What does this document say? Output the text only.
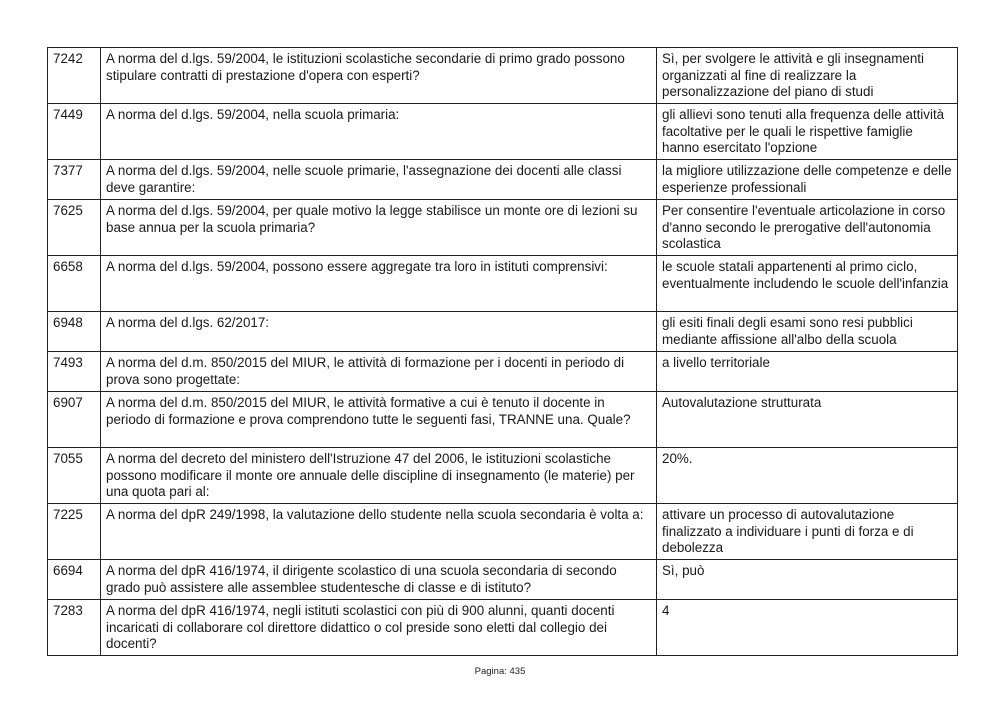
7242	A norma del d.lgs. 59/2004, le istituzioni scolastiche secondarie di primo grado possono stipulare contratti di prestazione d'opera con esperti?	Sì, per svolgere le attività e gli insegnamenti organizzati al fine di realizzare la personalizzazione del piano di studi
7449	A norma del d.lgs. 59/2004, nella scuola primaria:	gli allievi sono tenuti alla frequenza delle attività facoltative per le quali le rispettive famiglie hanno esercitato l'opzione
7377	A norma del d.lgs. 59/2004, nelle scuole primarie, l'assegnazione dei docenti alle classi deve garantire:	la migliore utilizzazione delle competenze e delle esperienze professionali
7625	A norma del d.lgs. 59/2004, per quale motivo la legge stabilisce un monte ore di lezioni su base annua per la scuola primaria?	Per consentire l'eventuale articolazione in corso d'anno secondo le prerogative dell'autonomia scolastica
6658	A norma del d.lgs. 59/2004, possono essere aggregate tra loro in istituti comprensivi:	le scuole statali appartenenti al primo ciclo, eventualmente includendo le scuole dell'infanzia
6948	A norma del d.lgs. 62/2017:	gli esiti finali degli esami sono resi pubblici mediante affissione all'albo della scuola
7493	A norma del d.m. 850/2015 del MIUR, le attività di formazione per i docenti in periodo di prova sono progettate:	a livello territoriale
6907	A norma del d.m. 850/2015 del MIUR, le attività formative a cui è tenuto il docente in periodo di formazione e prova comprendono tutte le seguenti fasi, TRANNE una. Quale?	Autovalutazione strutturata
7055	A norma del decreto del ministero dell'Istruzione 47 del 2006, le istituzioni scolastiche possono modificare il monte ore annuale delle discipline di insegnamento (le materie) per una quota pari al:	20%.
7225	A norma del dpR 249/1998, la valutazione dello studente nella scuola secondaria è volta a:	attivare un processo di autovalutazione finalizzato a individuare i punti di forza e di debolezza
6694	A norma del dpR 416/1974, il dirigente scolastico di una scuola secondaria di secondo grado può assistere alle assemblee studentesche di classe e di istituto?	Sì, può
7283	A norma del dpR 416/1974, negli istituti scolastici con più di 900 alunni, quanti docenti incaricati di collaborare col direttore didattico o col preside sono eletti dal collegio dei docenti?	4
Pagina: 435
